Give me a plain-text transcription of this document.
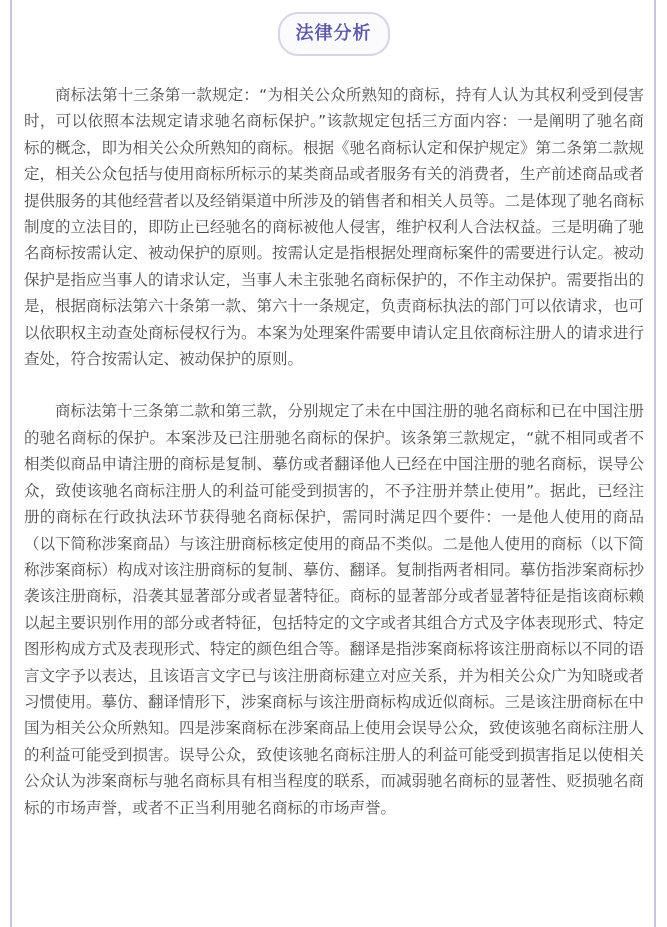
法律分析

商标法第十三条第一款规定：“为相关公众所熟知的商标，持有人认为其权利受到侵害时，可以依照本法规定请求驰名商标保护。”该款规定包括三方面内容：一是阐明了驰名商标的概念，即为相关公众所熟知的商标。根据《驰名商标认定和保护规定》第二条第二款规定，相关公众包括与使用商标所标示的某类商品或者服务有关的消费者，生产前述商品或者提供服务的其他经营者以及经销渠道中所涉及的销售者和相关人员等。二是体现了驰名商标制度的立法目的，即防止已经驰名的商标被他人侵害，维护权利人合法权益。三是明确了驰名商标按需认定、被动保护的原则。按需认定是指根据处理商标案件的需要进行认定。被动保护是指应当事人的请求认定，当事人未主张驰名商标保护的，不作主动保护。需要指出的是，根据商标法第六十条第一款、第六十一条规定，负责商标执法的部门可以依请求，也可以依职权主动查处商标侵权行为。本案为处理案件需要申请认定且依商标注册人的请求进行查处，符合按需认定、被动保护的原则。

商标法第十三条第二款和第三款，分别规定了未在中国注册的驰名商标和已在中国注册的驰名商标的保护。本案涉及已注册驰名商标的保护。该条第三款规定，“就不相同或者不相类似商品申请注册的商标是复制、摹仿或者翻译他人已经在中国注册的驰名商标，误导公众，致使该驰名商标注册人的利益可能受到损害的，不予注册并禁止使用”。据此，已经注册的商标在行政执法环节获得驰名商标保护，需同时满足四个要件：一是他人使用的商品（以下简称涉案商品）与该注册商标核定使用的商品不类似。二是他人使用的商标（以下简称涉案商标）构成对该注册商标的复制、摹仿、翻译。复制指两者相同。摹仿指涉案商标抄袭该注册商标，沿袭其显著部分或者显著特征。商标的显著部分或者显著特征是指该商标赖以起主要识别作用的部分或者特征，包括特定的文字或者其组合方式及字体表现形式、特定图形构成方式及表现形式、特定的颜色组合等。翻译是指涉案商标将该注册商标以不同的语言文字予以表达，且该语言文字已与该注册商标建立对应关系，并为相关公众广为知晓或者习惯使用。摹仿、翻译情形下，涉案商标与该注册商标构成近似商标。三是该注册商标在中国为相关公众所熟知。四是涉案商标在涉案商品上使用会误导公众，致使该驰名商标注册人的利益可能受到损害。误导公众，致使该驰名商标注册人的利益可能受到损害指足以使相关公众认为涉案商标与驰名商标具有相当程度的联系，而减弱驰名商标的显著性、贬损驰名商标的市场声誉，或者不正当利用驰名商标的市场声誉。
